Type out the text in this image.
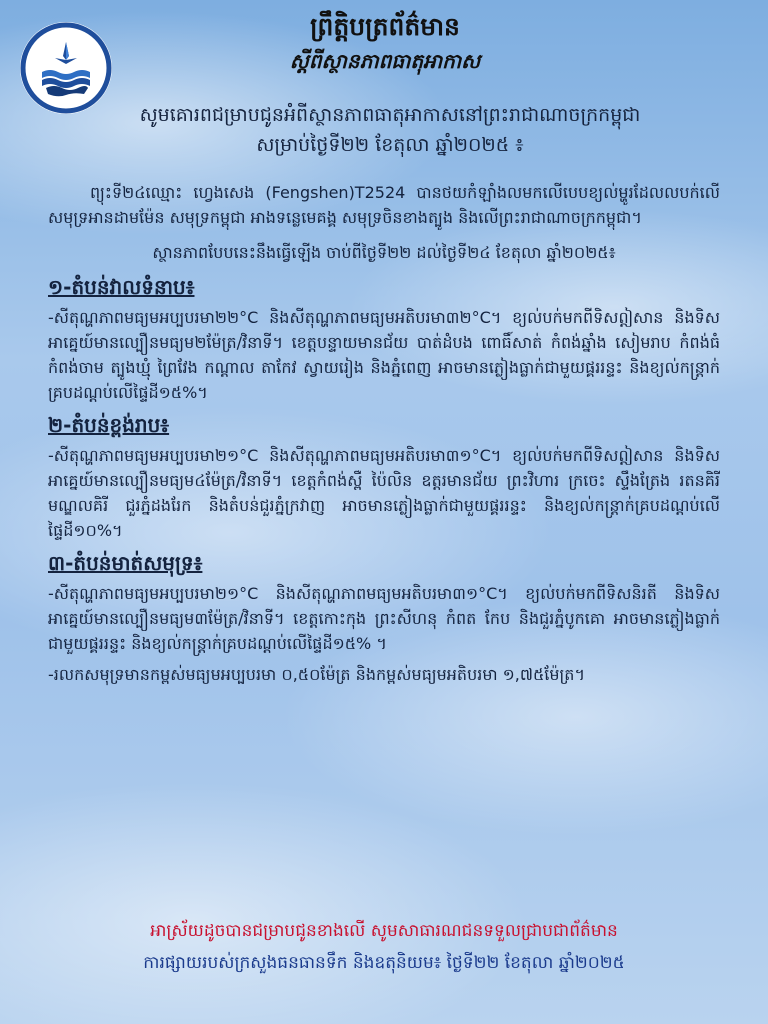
ព្រឹត្តិបត្រព័ត៌មាន

ស្តីពីស្ថានភាពធាតុអាកាស

សូមគោរពជម្រាបជូនអំពីស្ថានភាពធាតុអាកាសនៅព្រះរាជាណាចក្រកម្ពុជា
សម្រាប់ថ្ងៃទី២២ ខែតុលា ឆ្នាំ២០២៥ ៖

ព្យុះទី២៤ឈ្មោះ ហ្វេងសេង (Fengshen)T2524 បានថយកំឡាំងលមកលើបេបខ្យល់ម្ហូរដែលលបក់លើសមុទ្រអានដាមម៉ែន សមុទ្រកម្ពុជា អាងទន្លេមេគង្គ សមុទ្រចិនខាងត្បូង និងលើព្រះរាជាណាចក្រកម្ពុជា។

ស្ថានភាពបែបនេះនឹងធ្វើឡើង ចាប់ពីថ្ងៃទី២២ ដល់ថ្ងៃទី២៤ ខែតុលា ឆ្នាំ២០២៥៖

១-តំបន់វាលទំនាប៖

-សីតុណ្ហភាពមធ្យមអប្បបរមា២២°C និងសីតុណ្ហភាពមធ្យមអតិបរមា៣២°C។ ខ្យល់បក់មកពីទិសឦសាន និងទិសអាគ្នេយ៍មានល្បឿនមធ្យម២ម៉ែត្រ/វិនាទី។ ខេត្តបន្ទាយមានជ័យ បាត់ដំបង ពោធិ៍សាត់ កំពង់ឆ្នាំង សៀមរាប កំពង់ធំ កំពង់ចាម ត្បូងឃ្មុំ ព្រៃវែង កណ្តាល តាកែវ ស្វាយរៀង និងភ្នំពេញ អាចមានភ្លៀងធ្លាក់ជាមួយផ្គររន្ទះ និងខ្យល់កន្ត្រាក់គ្របដណ្តប់លើផ្ទៃដី១៥%។

២-តំបន់ខ្ពង់រាប៖

-សីតុណ្ហភាពមធ្យមអប្បបរមា២១°C និងសីតុណ្ហភាពមធ្យមអតិបរមា៣១°C។ ខ្យល់បក់មកពីទិសឦសាន និងទិសអាគ្នេយ៍មានល្បឿនមធ្យម៤ម៉ែត្រ/វិនាទី។ ខេត្តកំពង់ស្ពឺ ប៉ៃលិន ឧត្តរមានជ័យ ព្រះវិហារ ក្រចេះ ស្ទឹងត្រែង រតនគិរី មណ្ឌលគិរី ជួរភ្នំដងរែក និងតំបន់ជួរភ្នំក្រវាញ អាចមានភ្លៀងធ្លាក់ជាមួយផ្គររន្ទះ និងខ្យល់កន្ត្រាក់គ្របដណ្តប់លើផ្ទៃដី១០%។

៣-តំបន់មាត់សមុទ្រ៖

-សីតុណ្ហភាពមធ្យមអប្បបរមា២១°C និងសីតុណ្ហភាពមធ្យមអតិបរមា៣១°C។ ខ្យល់បក់មកពីទិសនិរតី និងទិសអាគ្នេយ៍មានល្បឿនមធ្យម៣ម៉ែត្រ/វិនាទី។ ខេត្តកោះកុង ព្រះសីហនុ កំពត កែប និងជួរភ្នំបូកគោ អាចមានភ្លៀងធ្លាក់ជាមួយផ្គររន្ទះ និងខ្យល់កន្ត្រាក់គ្របដណ្តប់លើផ្ទៃដី១៥% ។

-រលកសមុទ្រមានកម្ពស់មធ្យមអប្បបរមា ០,៥០ម៉ែត្រ និងកម្ពស់មធ្យមអតិបរមា ១,៧៥ម៉ែត្រ។

អាស្រ័យដូចបានជម្រាបជូនខាងលើ សូមសាធារណជនទទួលជ្រាបជាព័ត៌មាន

ការផ្សាយរបស់ក្រសួងធនធានទឹក និងឧតុនិយម៖ ថ្ងៃទី២២ ខែតុលា ឆ្នាំ២០២៥
